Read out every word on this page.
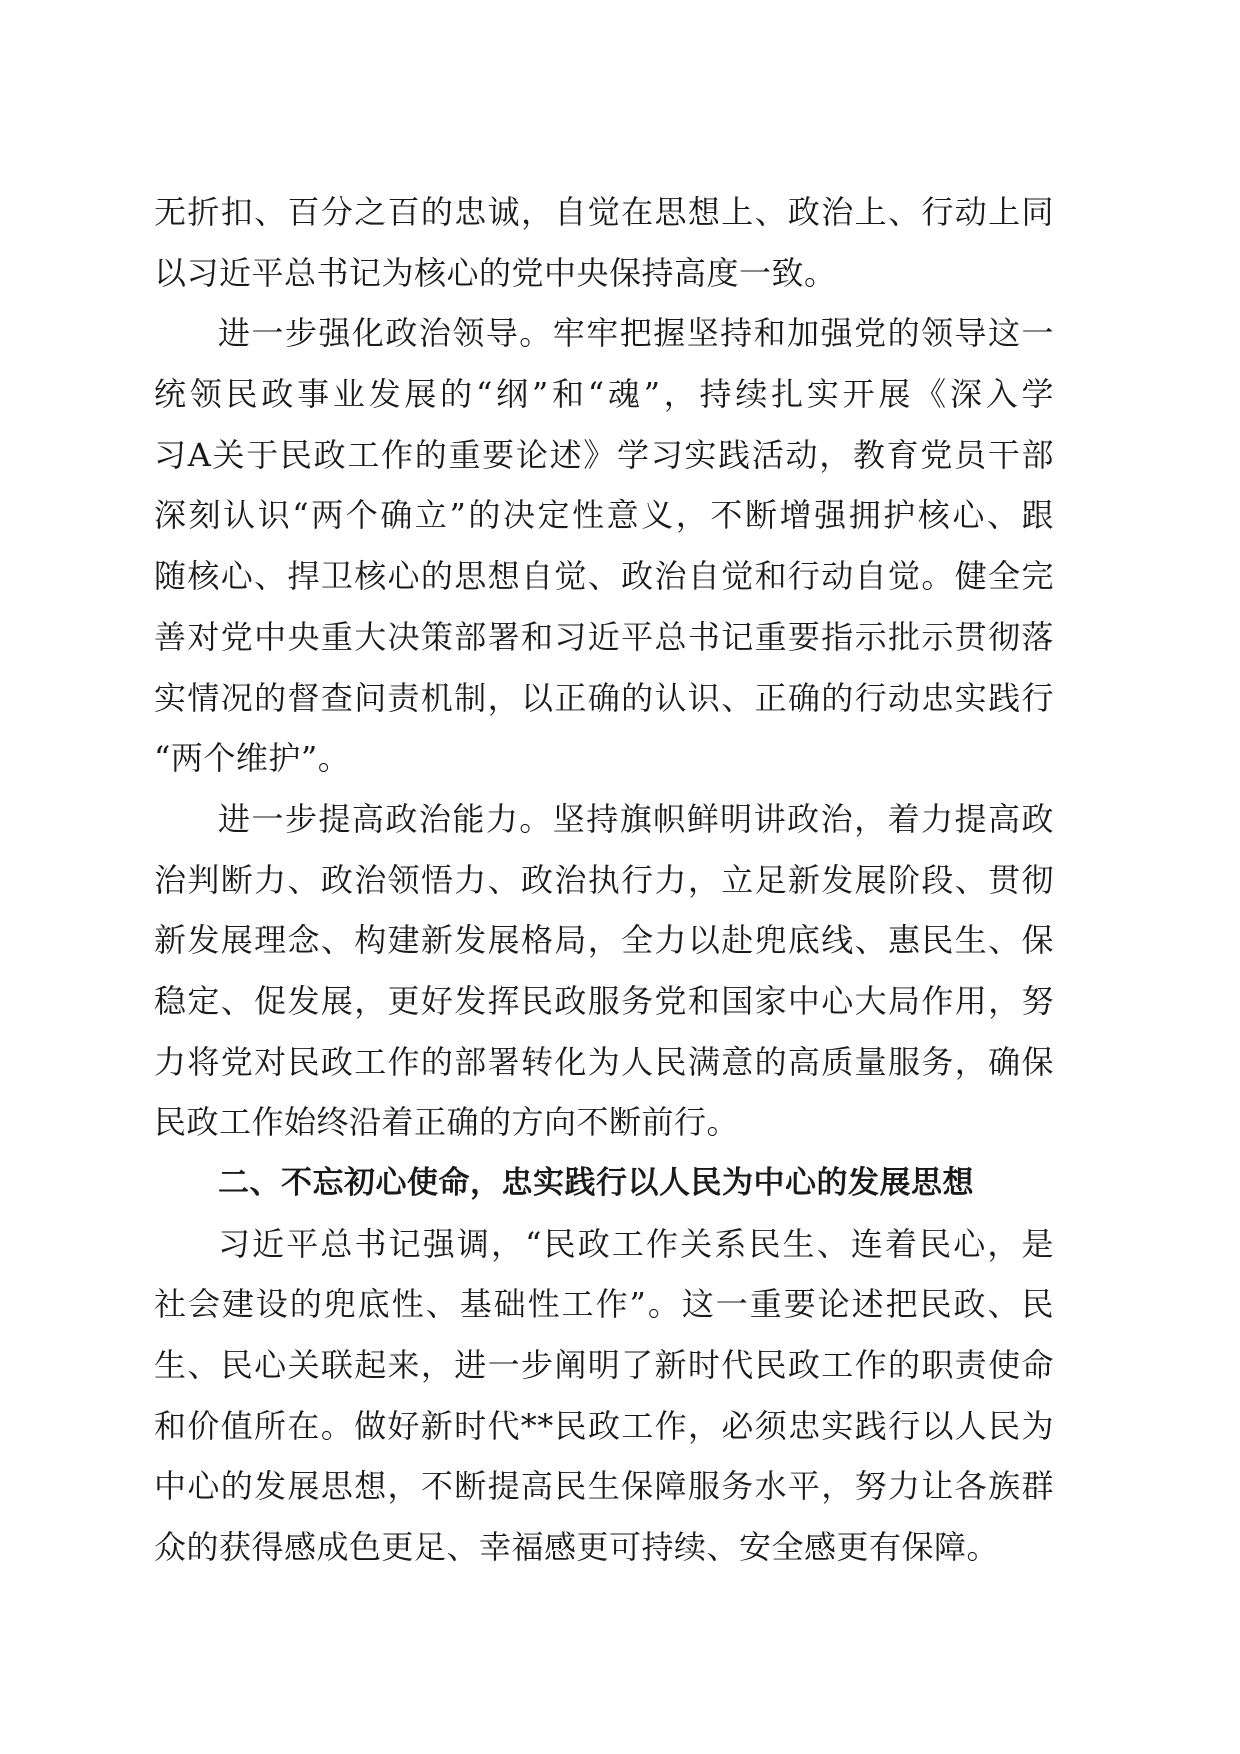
无折扣、百分之百的忠诚，自觉在思想上、政治上、行动上同
以习近平总书记为核心的党中央保持高度一致。
进一步强化政治领导。牢牢把握坚持和加强党的领导这一
统领民政事业发展的“纲”和“魂”，持续扎实开展《深入学
习A关于民政工作的重要论述》学习实践活动，教育党员干部
深刻认识“两个确立”的决定性意义，不断增强拥护核心、跟
随核心、捍卫核心的思想自觉、政治自觉和行动自觉。健全完
善对党中央重大决策部署和习近平总书记重要指示批示贯彻落
实情况的督查问责机制，以正确的认识、正确的行动忠实践行
“两个维护”。
进一步提高政治能力。坚持旗帜鲜明讲政治，着力提高政
治判断力、政治领悟力、政治执行力，立足新发展阶段、贯彻
新发展理念、构建新发展格局，全力以赴兜底线、惠民生、保
稳定、促发展，更好发挥民政服务党和国家中心大局作用，努
力将党对民政工作的部署转化为人民满意的高质量服务，确保
民政工作始终沿着正确的方向不断前行。
二、不忘初心使命，忠实践行以人民为中心的发展思想
习近平总书记强调，“民政工作关系民生、连着民心，是
社会建设的兜底性、基础性工作”。这一重要论述把民政、民
生、民心关联起来，进一步阐明了新时代民政工作的职责使命
和价值所在。做好新时代**民政工作，必须忠实践行以人民为
中心的发展思想，不断提高民生保障服务水平，努力让各族群
众的获得感成色更足、幸福感更可持续、安全感更有保障。
